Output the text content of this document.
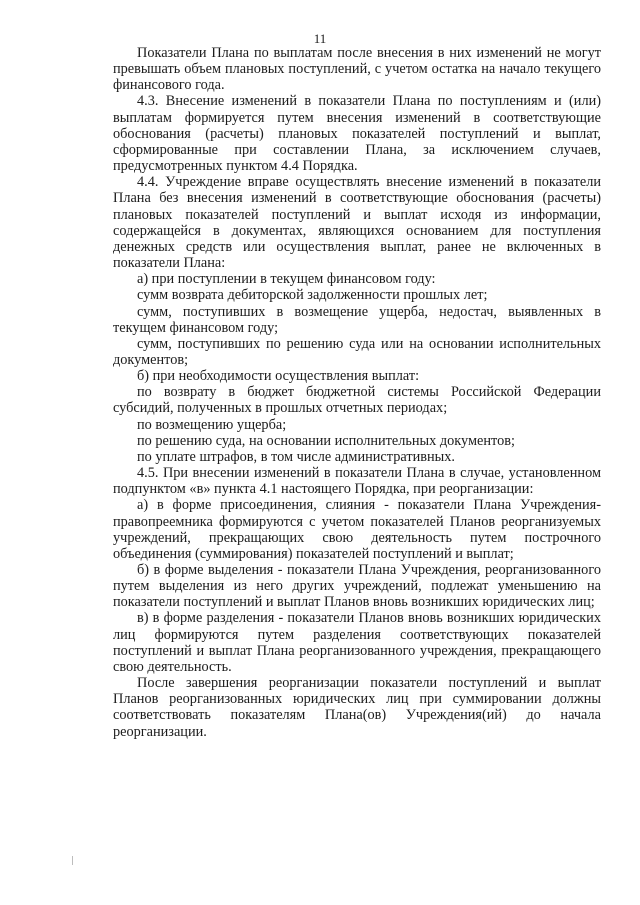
11

Показатели Плана по выплатам после внесения в них изменений не могут превышать объем плановых поступлений, с учетом остатка на начало текущего финансового года.

4.3. Внесение изменений в показатели Плана по поступлениям и (или) выплатам формируется путем внесения изменений в соответствующие обоснования (расчеты) плановых показателей поступлений и выплат, сформированные при составлении Плана, за исключением случаев, предусмотренных пунктом 4.4 Порядка.

4.4. Учреждение вправе осуществлять внесение изменений в показатели Плана без внесения изменений в соответствующие обоснования (расчеты) плановых показателей поступлений и выплат исходя из информации, содержащейся в документах, являющихся основанием для поступления денежных средств или осуществления выплат, ранее не включенных в показатели Плана:

а) при поступлении в текущем финансовом году:

сумм возврата дебиторской задолженности прошлых лет;

сумм, поступивших в возмещение ущерба, недостач, выявленных в текущем финансовом году;

сумм, поступивших по решению суда или на основании исполнительных документов;

б) при необходимости осуществления выплат:

по возврату в бюджет бюджетной системы Российской Федерации субсидий, полученных в прошлых отчетных периодах;

по возмещению ущерба;

по решению суда, на основании исполнительных документов;

по уплате штрафов, в том числе административных.

4.5. При внесении изменений в показатели Плана в случае, установленном подпунктом «в» пункта 4.1 настоящего Порядка, при реорганизации:

а) в форме присоединения, слияния - показатели Плана Учреждения-правопреемника формируются с учетом показателей Планов реорганизуемых учреждений, прекращающих свою деятельность путем построчного объединения (суммирования) показателей поступлений и выплат;

б) в форме выделения - показатели Плана Учреждения, реорганизованного путем выделения из него других учреждений, подлежат уменьшению на показатели поступлений и выплат Планов вновь возникших юридических лиц;

в) в форме разделения - показатели Планов вновь возникших юридических лиц формируются путем разделения соответствующих показателей поступлений и выплат Плана реорганизованного учреждения, прекращающего свою деятельность.

После завершения реорганизации показатели поступлений и выплат Планов реорганизованных юридических лиц при суммировании должны соответствовать показателям Плана(ов) Учреждения(ий) до начала реорганизации.
